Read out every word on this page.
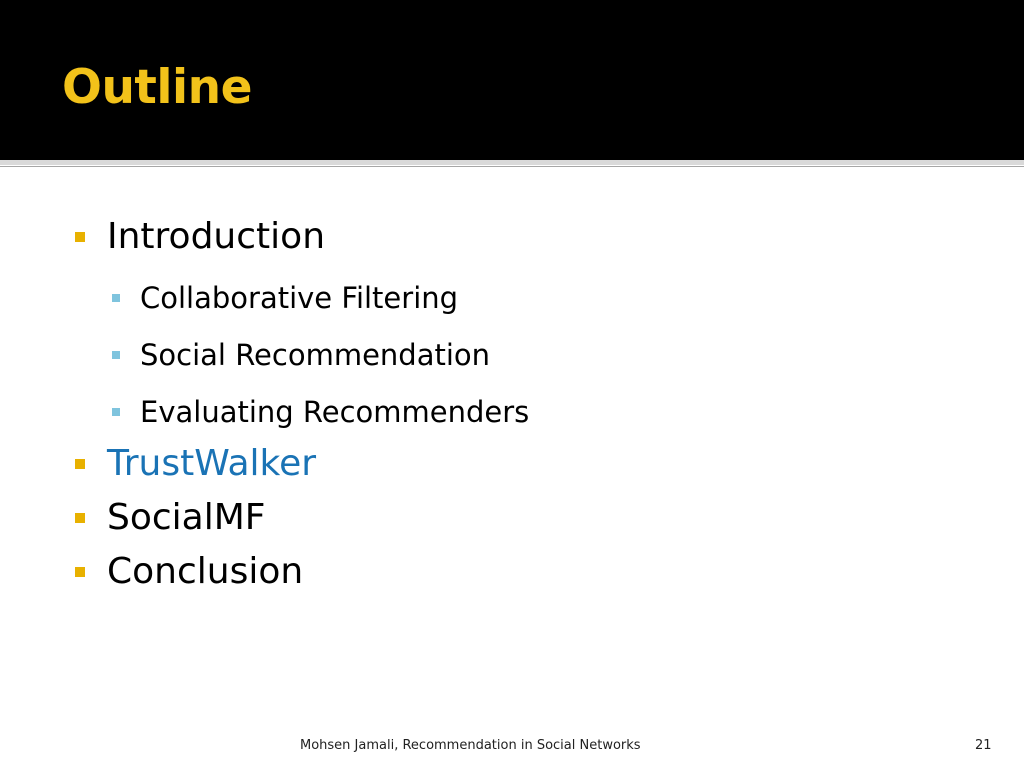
Outline
Introduction
Collaborative Filtering
Social Recommendation
Evaluating Recommenders
TrustWalker
SocialMF
Conclusion
Mohsen Jamali, Recommendation in Social Networks	21
